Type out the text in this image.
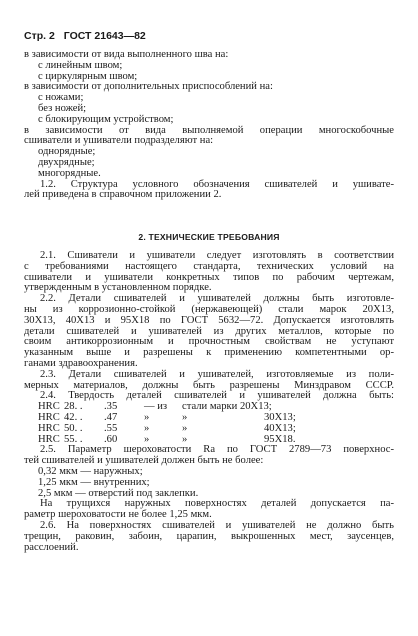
Стр. 2 ГОСТ 21643—82
в зависимости от вида выполненного шва на:
с линейным швом;
с циркулярным швом;
в зависимости от дополнительных приспособлений на:
с ножами;
без ножей;
с блокирующим устройством;
в зависимости от вида выполняемой операции многоскобочные
сшиватели и ушиватели подразделяют на:
однорядные;
двухрядные;
многорядные.
1.2. Структура условного обозначения сшивателей и ушивате-
лей приведена в справочном приложении 2.
2. ТЕХНИЧЕСКИЕ ТРЕБОВАНИЯ
2.1. Сшиватели и ушиватели следует изготовлять в соответствии
с требованиями настоящего стандарта, технических условий на
сшиватели и ушиватели конкретных типов по рабочим чертежам,
утвержденным в установленном порядке.
2.2. Детали сшивателей и ушивателей должны быть изготовле-
ны из коррозионно-стойкой (нержавеющей) стали марок 20Х13,
30Х13, 40Х13 и 95Х18 по ГОСТ 5632—72. Допускается изготовлять
детали сшивателей и ушивателей из других металлов, которые по
своим антикоррозионным и прочностным свойствам не уступают
указанным выше и разрешены к применению компетентными ор-
ганами здравоохранения.
2.3. Детали сшивателей и ушивателей, изготовляемые из поли-
мерных материалов, должны быть разрешены Минздравом СССР.
2.4. Твердость деталей сшивателей и ушивателей должна быть:
HRC 28. .	.35	— из	стали марки 20Х13;
HRC 42. .	.47	»	»	30Х13;
HRC 50. .	.55	»	»	40Х13;
HRC 55. .	.60	»	»	95Х18.
2.5. Параметр шероховатости Ra по ГОСТ 2789—73 поверхнос-
тей сшивателей и ушивателей должен быть не более:
0,32 мкм — наружных;
1,25 мкм — внутренних;
2,5 мкм — отверстий под заклепки.
На трущихся наружных поверхностях деталей допускается па-
раметр шероховатости не более 1,25 мкм.
2.6. На поверхностях сшивателей и ушивателей не должно быть
трещин, раковин, забоин, царапин, выкрошенных мест, заусенцев,
расслоений.
